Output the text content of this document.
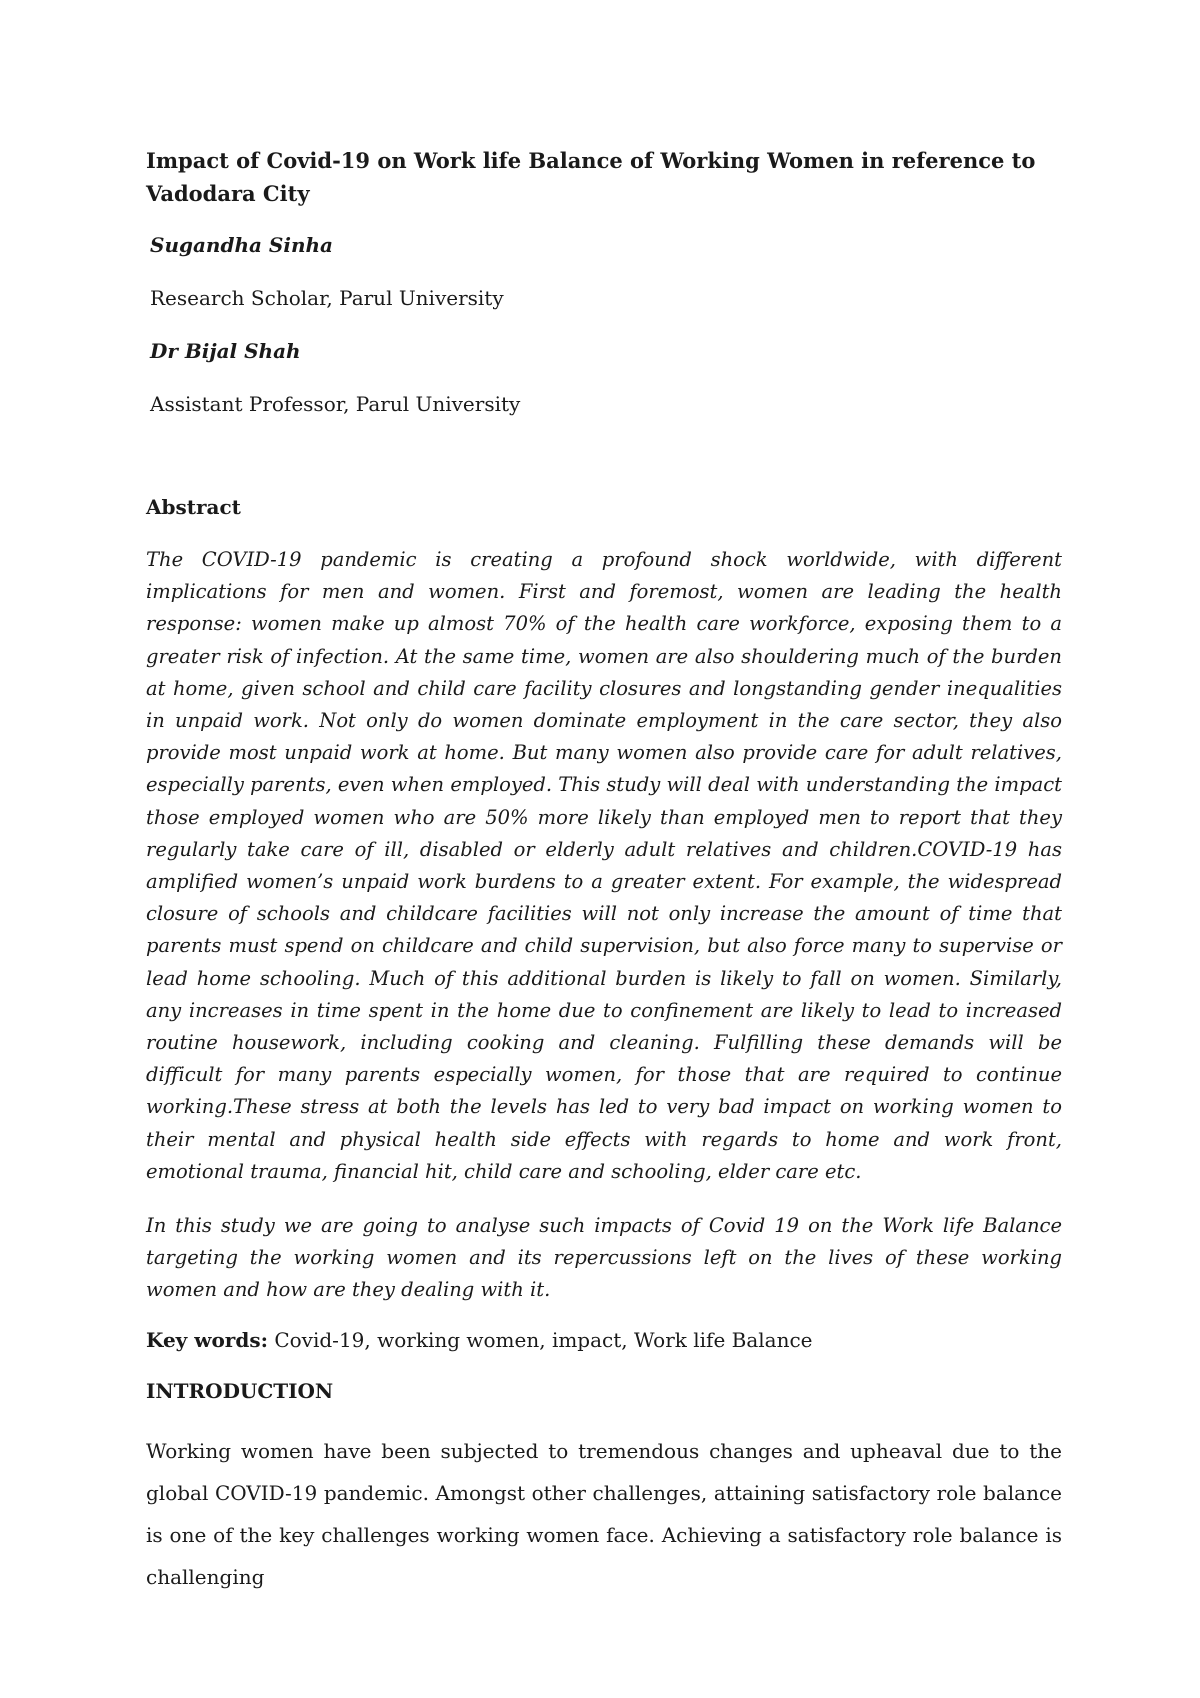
Impact of Covid-19 on Work life Balance of Working Women in reference to Vadodara City

Sugandha Sinha

Research Scholar, Parul University

Dr Bijal Shah

Assistant Professor, Parul University

Abstract

The COVID-19 pandemic is creating a profound shock worldwide, with different implications for men and women. First and foremost, women are leading the health response: women make up almost 70% of the health care workforce, exposing them to a greater risk of infection. At the same time, women are also shouldering much of the burden at home, given school and child care facility closures and longstanding gender inequalities in unpaid work. Not only do women dominate employment in the care sector, they also provide most unpaid work at home. But many women also provide care for adult relatives, especially parents, even when employed. This study will deal with understanding the impact those employed women who are 50% more likely than employed men to report that they regularly take care of ill, disabled or elderly adult relatives and children.COVID-19 has amplified women’s unpaid work burdens to a greater extent. For example, the widespread closure of schools and childcare facilities will not only increase the amount of time that parents must spend on childcare and child supervision, but also force many to supervise or lead home schooling. Much of this additional burden is likely to fall on women. Similarly, any increases in time spent in the home due to confinement are likely to lead to increased routine housework, including cooking and cleaning. Fulfilling these demands will be difficult for many parents especially women, for those that are required to continue working.These stress at both the levels has led to very bad impact on working women to their mental and physical health side effects with regards to home and work front, emotional trauma, financial hit, child care and schooling, elder care etc.

In this study we are going to analyse such impacts of Covid 19 on the Work life Balance targeting the working women and its repercussions left on the lives of these working women and how are they dealing with it.

Key words: Covid-19, working women, impact, Work life Balance

INTRODUCTION

Working women have been subjected to tremendous changes and upheaval due to the global COVID-19 pandemic. Amongst other challenges, attaining satisfactory role balance is one of the key challenges working women face. Achieving a satisfactory role balance is challenging
